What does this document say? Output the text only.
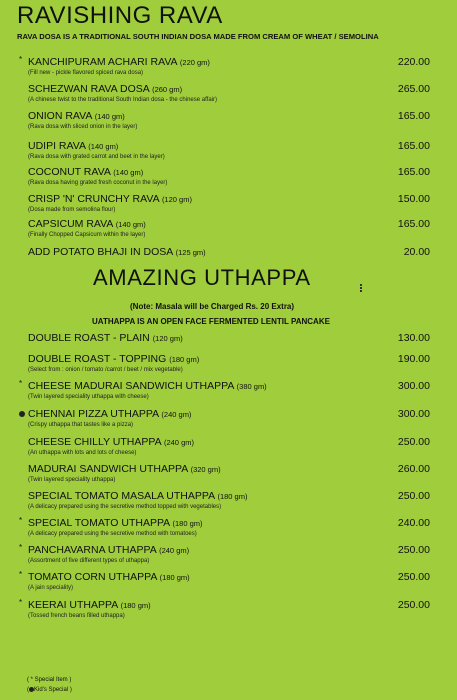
RAVISHING RAVA
RAVA DOSA IS A TRADITIONAL SOUTH INDIAN DOSA MADE FROM CREAM OF WHEAT / SEMOLINA
KANCHIPURAM ACHARI RAVA (220 gm)
(Fill new - pickle flavored spiced rava dosa)
220.00
*
SCHEZWAN RAVA DOSA (260 gm)
(A chinese twist to the traditional South Indian dosa - the chinese affair)
265.00
ONION RAVA (140 gm)
(Rava dosa with sliced onion in the layer)
165.00
UDIPI RAVA (140 gm)
(Rava dosa with grated carrot and beet in the layer)
165.00
COCONUT RAVA (140 gm)
(Rava dosa having grated fresh coconut in the layer)
165.00
CRISP 'N' CRUNCHY RAVA (120 gm)
(Dosa made from semolina flour)
150.00
CAPSICUM RAVA (140 gm)
(Finally Chopped Capsicum within the layer)
165.00
ADD POTATO BHAJI IN DOSA (125 gm)	20.00
AMAZING UTHAPPA
(Note: Masala will be Charged Rs. 20 Extra)
UATHAPPA IS AN OPEN FACE FERMENTED LENTIL PANCAKE
DOUBLE ROAST - PLAIN (120 gm)	130.00
DOUBLE ROAST - TOPPING (180 gm)
(Select from : onion / tomato /carrot / beet / mix vegetable)
190.00
CHEESE MADURAI SANDWICH UTHAPPA (380 gm)
(Twin layered speciality uthappa with cheese)
300.00
*
CHENNAI PIZZA UTHAPPA (240 gm)
(Crispy uthappa that tastes like a pizza)
300.00
CHEESE CHILLY UTHAPPA (240 gm)
(An uthappa with lots and lots of cheese)
250.00
MADURAI SANDWICH UTHAPPA (320 gm)
(Twin layered speciality uthappa)
260.00
SPECIAL TOMATO MASALA UTHAPPA (180 gm)
(A delicacy prepared using the secretive method topped with vegetables)
250.00
SPECIAL TOMATO UTHAPPA (180 gm)
(A delicacy prepared using the secretive method with tomatoes)
240.00
*
PANCHAVARNA UTHAPPA (240 gm)
(Assortment of five different types of uthappa)
250.00
*
TOMATO CORN UTHAPPA (180 gm)
(A jain speciality)
250.00
*
KEERAI UTHAPPA (180 gm)
(Tossed french beans filled uthappa)
250.00
*
( * Special Item )
( Kid's Special )
